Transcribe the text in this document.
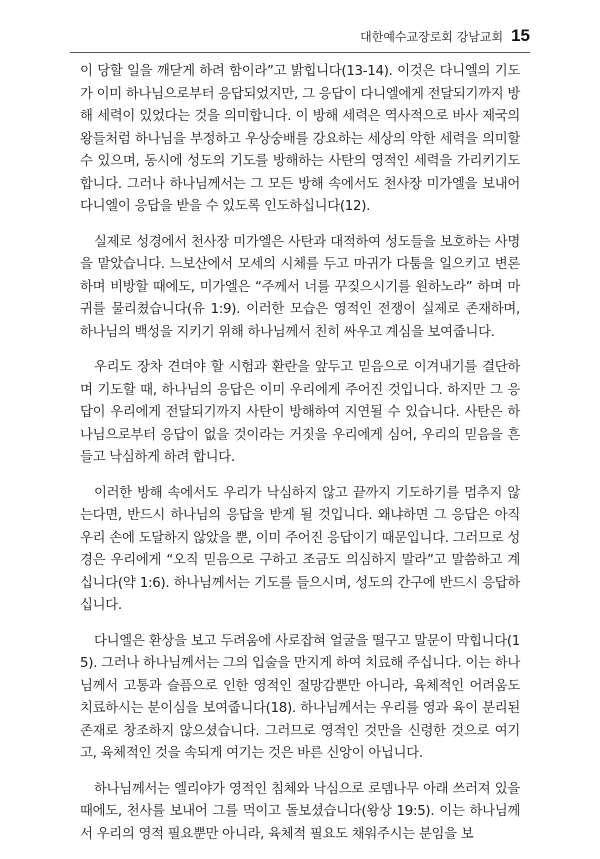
대한예수교장로회 강남교회 15

이 당할 일을 깨닫게 하려 함이라”고 밝힙니다(13-14). 이것은 다니엘의 기도가 이미 하나님으로부터 응답되었지만, 그 응답이 다니엘에게 전달되기까지 방해 세력이 있었다는 것을 의미합니다. 이 방해 세력은 역사적으로 바사 제국의 왕들처럼 하나님을 부정하고 우상숭배를 강요하는 세상의 악한 세력을 의미할 수 있으며, 동시에 성도의 기도를 방해하는 사탄의 영적인 세력을 가리키기도 합니다. 그러나 하나님께서는 그 모든 방해 속에서도 천사장 미가엘을 보내어 다니엘이 응답을 받을 수 있도록 인도하십니다(12).

실제로 성경에서 천사장 미가엘은 사탄과 대적하여 성도들을 보호하는 사명을 맡았습니다. 느보산에서 모세의 시체를 두고 마귀가 다툼을 일으키고 변론하며 비방할 때에도, 미가엘은 “주께서 너를 꾸짖으시기를 원하노라” 하며 마귀를 물리쳤습니다(유 1:9). 이러한 모습은 영적인 전쟁이 실제로 존재하며, 하나님의 백성을 지키기 위해 하나님께서 친히 싸우고 계심을 보여줍니다.

우리도 장차 견뎌야 할 시험과 환란을 앞두고 믿음으로 이겨내기를 결단하며 기도할 때, 하나님의 응답은 이미 우리에게 주어진 것입니다. 하지만 그 응답이 우리에게 전달되기까지 사탄이 방해하여 지연될 수 있습니다. 사탄은 하나님으로부터 응답이 없을 것이라는 거짓을 우리에게 심어, 우리의 믿음을 흔들고 낙심하게 하려 합니다.

이러한 방해 속에서도 우리가 낙심하지 않고 끝까지 기도하기를 멈추지 않는다면, 반드시 하나님의 응답을 받게 될 것입니다. 왜냐하면 그 응답은 아직 우리 손에 도달하지 않았을 뿐, 이미 주어진 응답이기 때문입니다. 그러므로 성경은 우리에게 “오직 믿음으로 구하고 조금도 의심하지 말라”고 말씀하고 계십니다(약 1:6). 하나님께서는 기도를 들으시며, 성도의 간구에 반드시 응답하십니다.

다니엘은 환상을 보고 두려움에 사로잡혀 얼굴을 떨구고 말문이 막힙니다(15). 그러나 하나님께서는 그의 입술을 만지게 하여 치료해 주십니다. 이는 하나님께서 고통과 슬픔으로 인한 영적인 절망감뿐만 아니라, 육체적인 어려움도 치료하시는 분이심을 보여줍니다(18). 하나님께서는 우리를 영과 육이 분리된 존재로 창조하지 않으셨습니다. 그러므로 영적인 것만을 신령한 것으로 여기고, 육체적인 것을 속되게 여기는 것은 바른 신앙이 아닙니다.

하나님께서는 엘리야가 영적인 침체와 낙심으로 로뎀나무 아래 쓰러져 있을 때에도, 천사를 보내어 그를 먹이고 돌보셨습니다(왕상 19:5). 이는 하나님께서 우리의 영적 필요뿐만 아니라, 육체적 필요도 채워주시는 분임을 보
